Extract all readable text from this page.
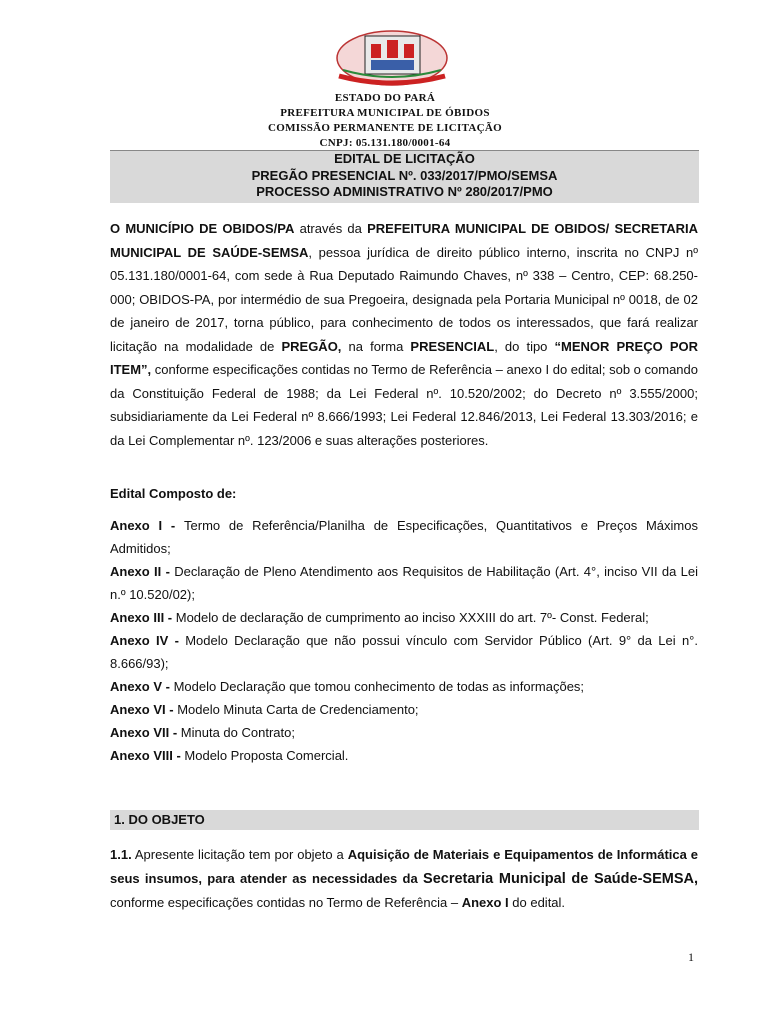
ESTADO DO PARÁ
PREFEITURA MUNICIPAL DE ÓBIDOS
COMISSÃO PERMANENTE DE LICITAÇÃO
CNPJ: 05.131.180/0001-64
EDITAL DE LICITAÇÃO
PREGÃO PRESENCIAL Nº. 033/2017/PMO/SEMSA
PROCESSO ADMINISTRATIVO Nº 280/2017/PMO
O MUNICÍPIO DE OBIDOS/PA através da PREFEITURA MUNICIPAL DE OBIDOS/ SECRETARIA MUNICIPAL DE SAÚDE-SEMSA, pessoa jurídica de direito público interno, inscrita no CNPJ nº 05.131.180/0001-64, com sede à Rua Deputado Raimundo Chaves, nº 338 – Centro, CEP: 68.250-000; OBIDOS-PA, por intermédio de sua Pregoeira, designada pela Portaria Municipal nº 0018, de 02 de janeiro de 2017, torna público, para conhecimento de todos os interessados, que fará realizar licitação na modalidade de PREGÃO, na forma PRESENCIAL, do tipo “MENOR PREÇO POR ITEM”, conforme especificações contidas no Termo de Referência – anexo I do edital; sob o comando da Constituição Federal de 1988; da Lei Federal nº. 10.520/2002; do Decreto nº 3.555/2000; subsidiariamente da Lei Federal nº 8.666/1993; Lei Federal 12.846/2013, Lei Federal 13.303/2016; e da Lei Complementar nº. 123/2006 e suas alterações posteriores.
Edital Composto de:

Anexo I - Termo de Referência/Planilha de Especificações, Quantitativos e Preços Máximos Admitidos;

Anexo II - Declaração de Pleno Atendimento aos Requisitos de Habilitação (Art. 4°, inciso VII da Lei n.º 10.520/02);

Anexo III - Modelo de declaração de cumprimento ao inciso XXXIII do art. 7º- Const. Federal;

Anexo IV - Modelo Declaração que não possui vínculo com Servidor Público (Art. 9° da Lei n°. 8.666/93);

Anexo V - Modelo Declaração que tomou conhecimento de todas as informações;

Anexo VI - Modelo Minuta Carta de Credenciamento;

Anexo VII - Minuta do Contrato;

Anexo VIII - Modelo Proposta Comercial.

1. DO OBJETO
1.1. Apresente licitação tem por objeto a Aquisição de Materiais e Equipamentos de Informática e seus insumos, para atender as necessidades da Secretaria Municipal de Saúde-SEMSA, conforme especificações contidas no Termo de Referência – Anexo I do edital.
1
